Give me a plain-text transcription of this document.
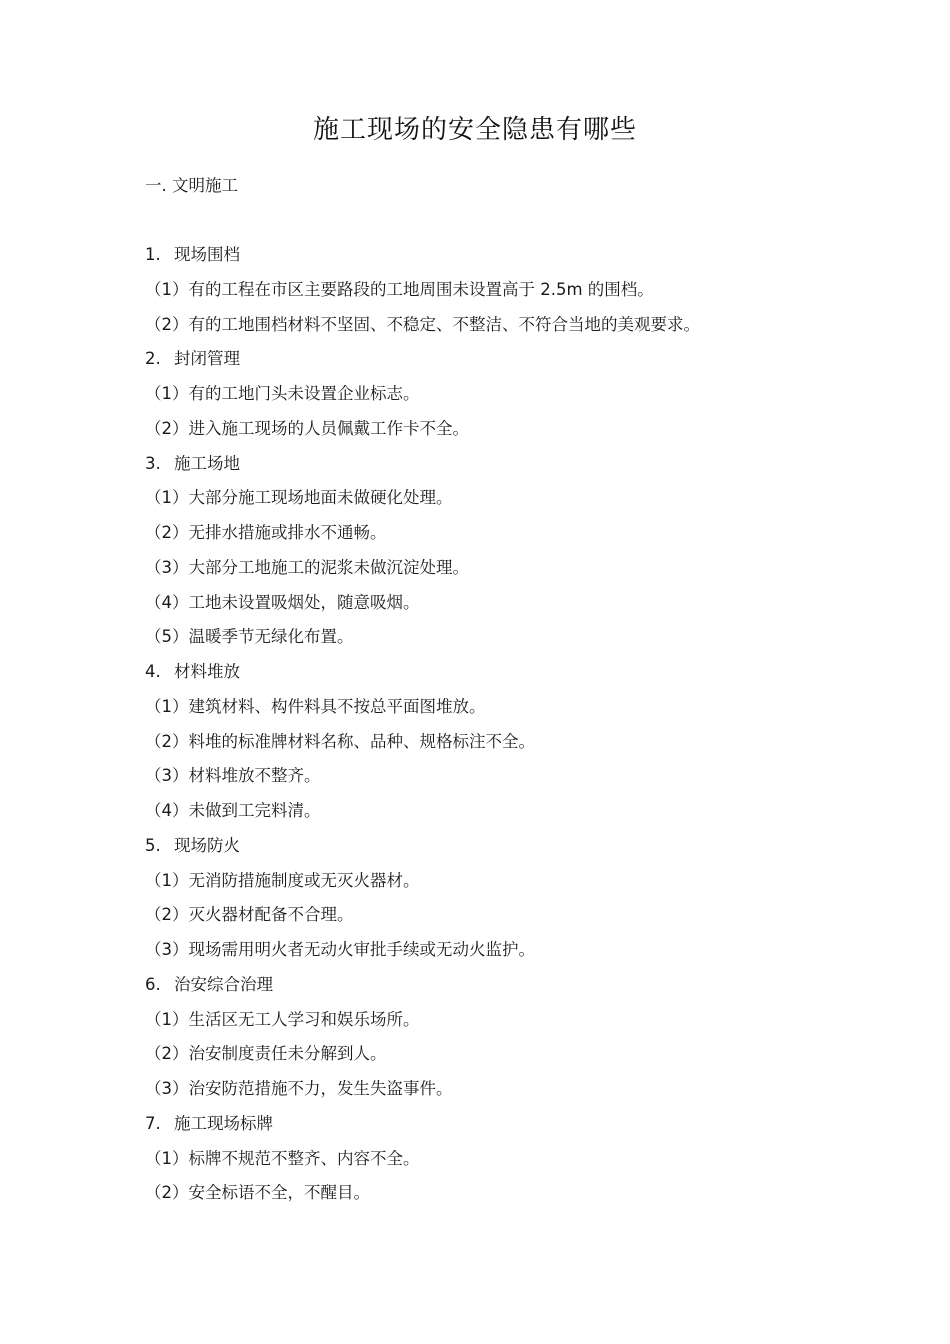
施工现场的安全隐患有哪些
一. 文明施工
1. 现场围档
（1）有的工程在市区主要路段的工地周围未设置高于 2.5m 的围档。
（2）有的工地围档材料不坚固、不稳定、不整洁、不符合当地的美观要求。
2. 封闭管理
（1）有的工地门头未设置企业标志。
（2）进入施工现场的人员佩戴工作卡不全。
3. 施工场地
（1）大部分施工现场地面未做硬化处理。
（2）无排水措施或排水不通畅。
（3）大部分工地施工的泥浆未做沉淀处理。
（4）工地未设置吸烟处，随意吸烟。
（5）温暖季节无绿化布置。
4. 材料堆放
（1）建筑材料、构件料具不按总平面图堆放。
（2）料堆的标准牌材料名称、品种、规格标注不全。
（3）材料堆放不整齐。
（4）未做到工完料清。
5. 现场防火
（1）无消防措施制度或无灭火器材。
（2）灭火器材配备不合理。
（3）现场需用明火者无动火审批手续或无动火监护。
6. 治安综合治理
（1）生活区无工人学习和娱乐场所。
（2）治安制度责任未分解到人。
（3）治安防范措施不力，发生失盗事件。
7. 施工现场标牌
（1）标牌不规范不整齐、内容不全。
（2）安全标语不全，不醒目。
